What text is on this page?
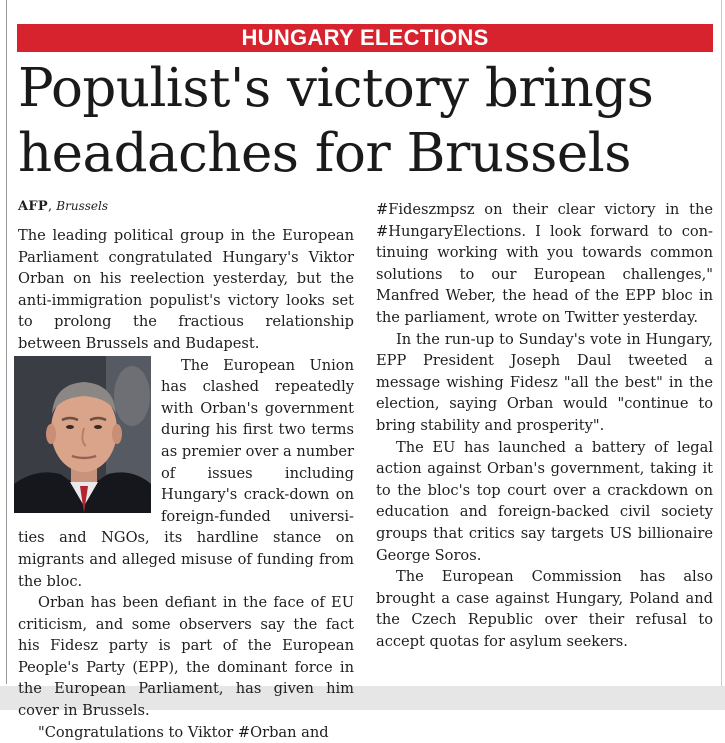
HUNGARY ELECTIONS
Populist's victory brings
headaches for Brussels
AFP, Brussels

The leading political group in the European Parliament congratulated Hungary's Viktor Orban on his reelection yesterday, but the anti-immigration populist's victory looks set to prolong the fractious relationship between Brussels and Budapest.

The European Union has clashed repeatedly with Orban's government during his first two terms as premier over a number of issues including Hungary's crack-down on foreign-funded universi-ties and NGOs, its hardline stance on migrants and alleged misuse of funding from the bloc.

Orban has been defiant in the face of EU criticism, and some observers say the fact his Fidesz party is part of the European People's Party (EPP), the dominant force in the European Parliament, has given him cover in Brussels.

"Congratulations to Viktor #Orban and

#Fideszmpsz on their clear victory in the #HungaryElections. I look forward to con-tinuing working with you towards common solutions to our European challenges," Manfred Weber, the head of the EPP bloc in the parliament, wrote on Twitter yesterday.

In the run-up to Sunday's vote in Hungary, EPP President Joseph Daul tweeted a message wishing Fidesz "all the best" in the election, saying Orban would "continue to bring stability and prosperity".

The EU has launched a battery of legal action against Orban's government, taking it to the bloc's top court over a crackdown on education and foreign-backed civil society groups that critics say targets US billionaire George Soros.

The European Commission has also brought a case against Hungary, Poland and the Czech Republic over their refusal to accept quotas for asylum seekers.
